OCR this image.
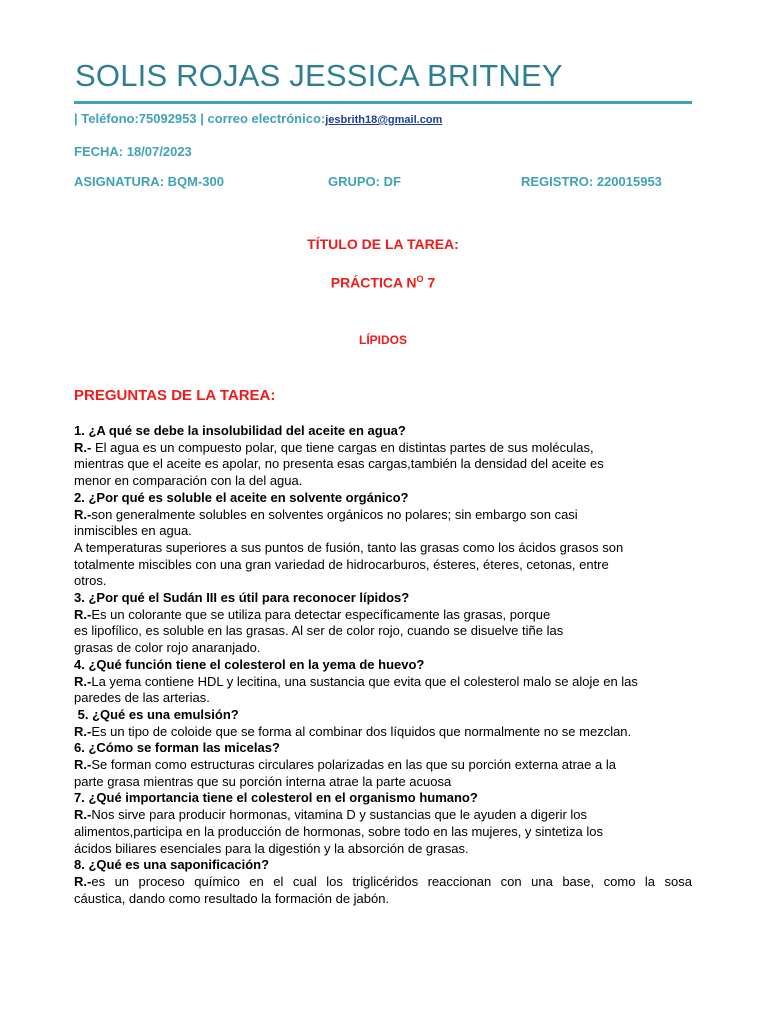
SOLIS ROJAS JESSICA BRITNEY
| Teléfono:75092953 | correo electrónico:jesbrith18@gmail.com
FECHA: 18/07/2023
ASIGNATURA: BQM-300	GRUPO: DF	REGISTRO: 220015953
TÍTULO DE LA TAREA:
PRÁCTICA $N^O$ 7
LÍPIDOS
PREGUNTAS DE LA TAREA:

1. ¿A qué se debe la insolubilidad del aceite en agua?

R.- El agua es un compuesto polar, que tiene cargas en distintas partes de sus moléculas,

mientras que el aceite es apolar, no presenta esas cargas,también la densidad del aceite es

menor en comparación con la del agua.

2. ¿Por qué es soluble el aceite en solvente orgánico?

R.-son generalmente solubles en solventes orgánicos no polares; sin embargo son casi

inmiscibles en agua.

A temperaturas superiores a sus puntos de fusión, tanto las grasas como los ácidos grasos son

totalmente miscibles con una gran variedad de hidrocarburos, ésteres, éteres, cetonas, entre

otros.

3. ¿Por qué el Sudán III es útil para reconocer lípidos?

R.-Es un colorante que se utiliza para detectar específicamente las grasas, porque

es lipofílico, es soluble en las grasas. Al ser de color rojo, cuando se disuelve tiñe las

grasas de color rojo anaranjado.

4. ¿Qué función tiene el colesterol en la yema de huevo?

R.-La yema contiene HDL y lecitina, una sustancia que evita que el colesterol malo se aloje en las

paredes de las arterias.

5. ¿Qué es una emulsión?

R.-Es un tipo de coloide que se forma al combinar dos líquidos que normalmente no se mezclan.

6. ¿Cómo se forman las micelas?

R.-Se forman como estructuras circulares polarizadas en las que su porción externa atrae a la

parte grasa mientras que su porción interna atrae la parte acuosa

7. ¿Qué importancia tiene el colesterol en el organismo humano?

R.-Nos sirve para producir hormonas, vitamina D y sustancias que le ayuden a digerir los

alimentos,participa en la producción de hormonas, sobre todo en las mujeres, y sintetiza los

ácidos biliares esenciales para la digestión y la absorción de grasas.

8. ¿Qué es una saponificación?

R.-es un proceso químico en el cual los triglicéridos reaccionan con una base, como la sosa

cáustica, dando como resultado la formación de jabón.
